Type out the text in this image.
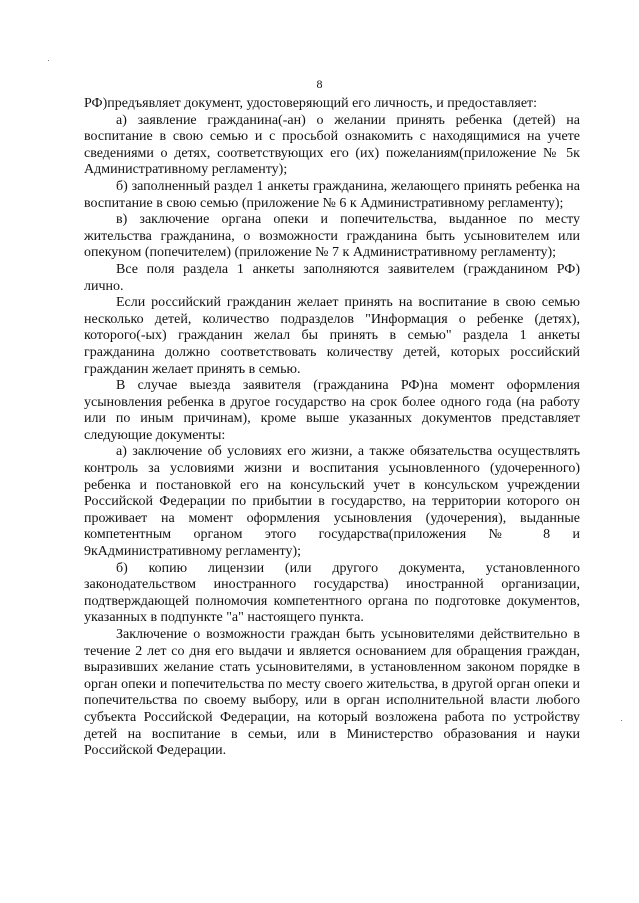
8

РФ)предъявляет документ, удостоверяющий его личность, и предоставляет:

а) заявление гражданина(-ан) о желании принять ребенка (детей) на воспитание в свою семью и с просьбой ознакомить с находящимися на учете сведениями о детях, соответствующих его (их) пожеланиям(приложение № 5к Административному регламенту);

б) заполненный раздел 1 анкеты гражданина, желающего принять ребенка на воспитание в свою семью (приложение № 6 к Административному регламенту);

в) заключение органа опеки и попечительства, выданное по месту жительства гражданина, о возможности гражданина быть усыновителем или опекуном (попечителем) (приложение № 7 к Административному регламенту);

Все поля раздела 1 анкеты заполняются заявителем (гражданином РФ) лично.

Если российский гражданин желает принять на воспитание в свою семью несколько детей, количество подразделов "Информация о ребенке (детях), которого(-ых) гражданин желал бы принять в семью" раздела 1 анкеты гражданина должно соответствовать количеству детей, которых российский гражданин желает принять в семью.

В случае выезда заявителя (гражданина РФ)на момент оформления усыновления ребенка в другое государство на срок более одного года (на работу или по иным причинам), кроме выше указанных документов представляет следующие документы:

а) заключение об условиях его жизни, а также обязательства осуществлять контроль за условиями жизни и воспитания усыновленного (удочеренного) ребенка и постановкой его на консульский учет в консульском учреждении Российской Федерации по прибытии в государство, на территории которого он проживает на момент оформления усыновления (удочерения), выданные компетентным органом этого государства(приложения № 8 и 9кАдминистративному регламенту);

б) копию лицензии (или другого документа, установленного законодательством иностранного государства) иностранной организации, подтверждающей полномочия компетентного органа по подготовке документов, указанных в подпункте "а" настоящего пункта.

Заключение о возможности граждан быть усыновителями действительно в течение 2 лет со дня его выдачи и является основанием для обращения граждан, выразивших желание стать усыновителями, в установленном законом порядке в орган опеки и попечительства по месту своего жительства, в другой орган опеки и попечительства по своему выбору, или в орган исполнительной власти любого субъекта Российской Федерации, на который возложена работа по устройству детей на воспитание в семьи, или в Министерство образования и науки Российской Федерации.
